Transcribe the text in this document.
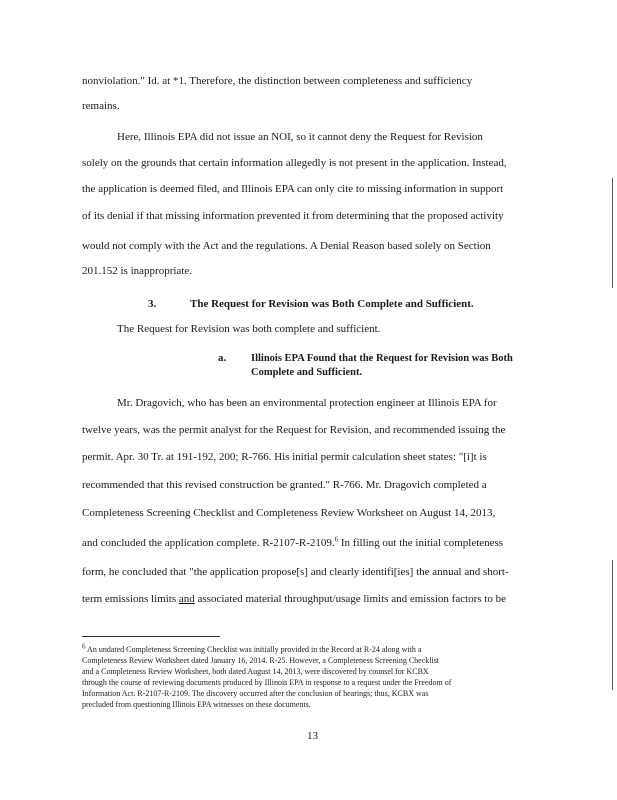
nonviolation." Id. at *1. Therefore, the distinction between completeness and sufficiency
remains.
Here, Illinois EPA did not issue an NOI, so it cannot deny the Request for Revision
solely on the grounds that certain information allegedly is not present in the application. Instead,
the application is deemed filed, and Illinois EPA can only cite to missing information in support
of its denial if that missing information prevented it from determining that the proposed activity
would not comply with the Act and the regulations. A Denial Reason based solely on Section
201.152 is inappropriate.
3.	The Request for Revision was Both Complete and Sufficient.
The Request for Revision was both complete and sufficient.
a. Illinois EPA Found that the Request for Revision was Both
Complete and Sufficient.
Mr. Dragovich, who has been an environmental protection engineer at Illinois EPA for
twelve years, was the permit analyst for the Request for Revision, and recommended issuing the
permit. Apr. 30 Tr. at 191-192, 200; R-766. His initial permit calculation sheet states: "[i]t is
recommended that this revised construction be granted." R-766. Mr. Dragovich completed a
Completeness Screening Checklist and Completeness Review Worksheet on August 14, 2013,
and concluded the application complete. R-2107-R-2109.$^6$ In filling out the initial completeness
form, he concluded that "the application propose[s] and clearly identifi[ies] the annual and short-
term emissions limits and associated material throughput/usage limits and emission factors to be
6 An undated Completeness Screening Checklist was initially provided in the Record at R-24 along with a
Completeness Review Worksheet dated January 16, 2014. R-25. However, a Completeness Screening Checklist
and a Completeness Review Worksheet, both dated August 14, 2013, were discovered by counsel for KCBX
through the course of reviewing documents produced by Illinois EPA in response to a request under the Freedom of
Information Act. R-2107-R-2109. The discovery occurred after the conclusion of hearings; thus, KCBX was
precluded from questioning Illinois EPA witnesses on these documents.
13
